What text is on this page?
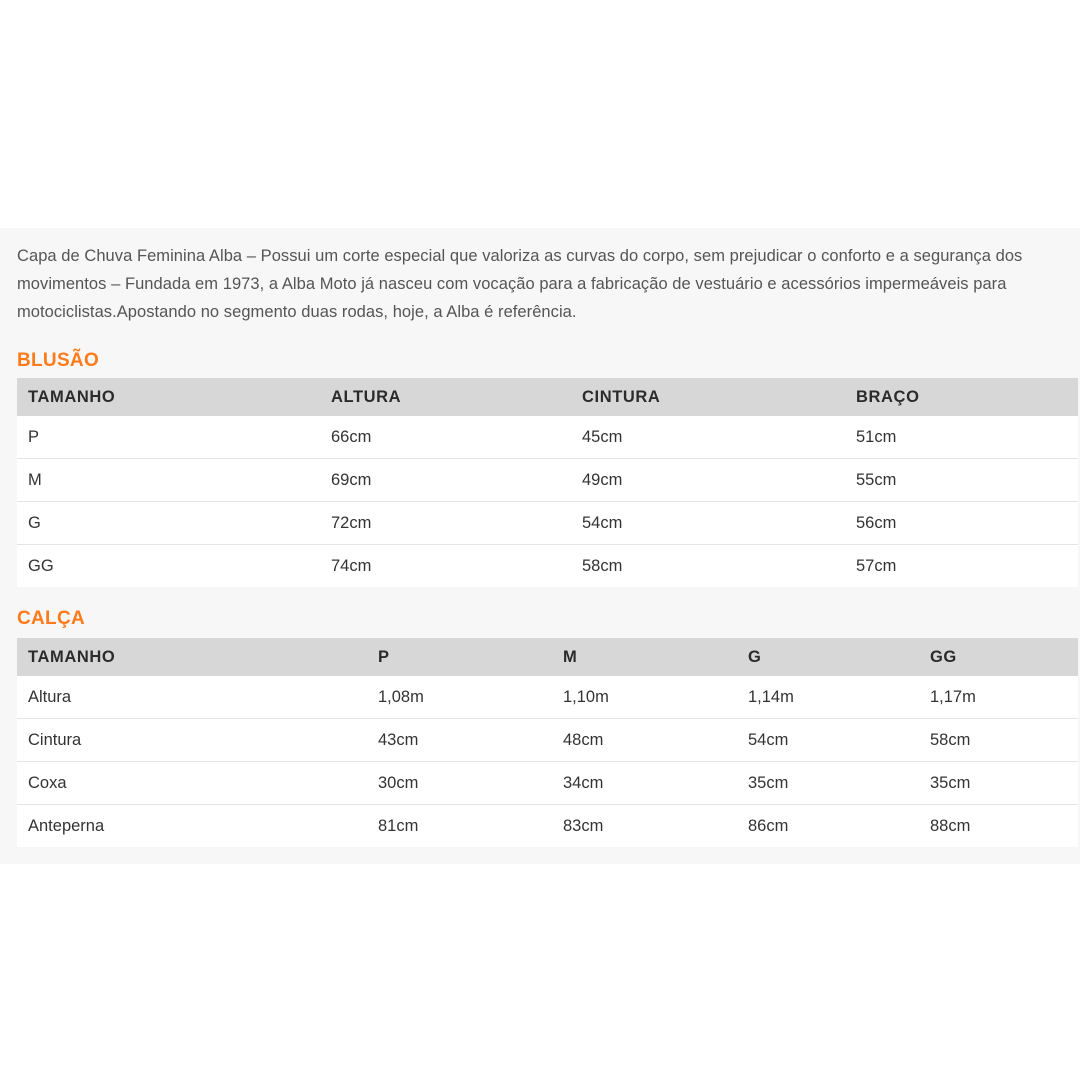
Capa de Chuva Feminina Alba – Possui um corte especial que valoriza as curvas do corpo, sem prejudicar o conforto e a segurança dos movimentos – Fundada em 1973, a Alba Moto já nasceu com vocação para a fabricação de vestuário e acessórios impermeáveis para motociclistas.Apostando no segmento duas rodas, hoje, a Alba é referência.

BLUSÃO
TAMANHO	ALTURA	CINTURA	BRAÇO
P	66cm	45cm	51cm
M	69cm	49cm	55cm
G	72cm	54cm	56cm
GG	74cm	58cm	57cm
CALÇA
TAMANHO	P	M	G	GG
Altura	1,08m	1,10m	1,14m	1,17m
Cintura	43cm	48cm	54cm	58cm
Coxa	30cm	34cm	35cm	35cm
Anteperna	81cm	83cm	86cm	88cm
